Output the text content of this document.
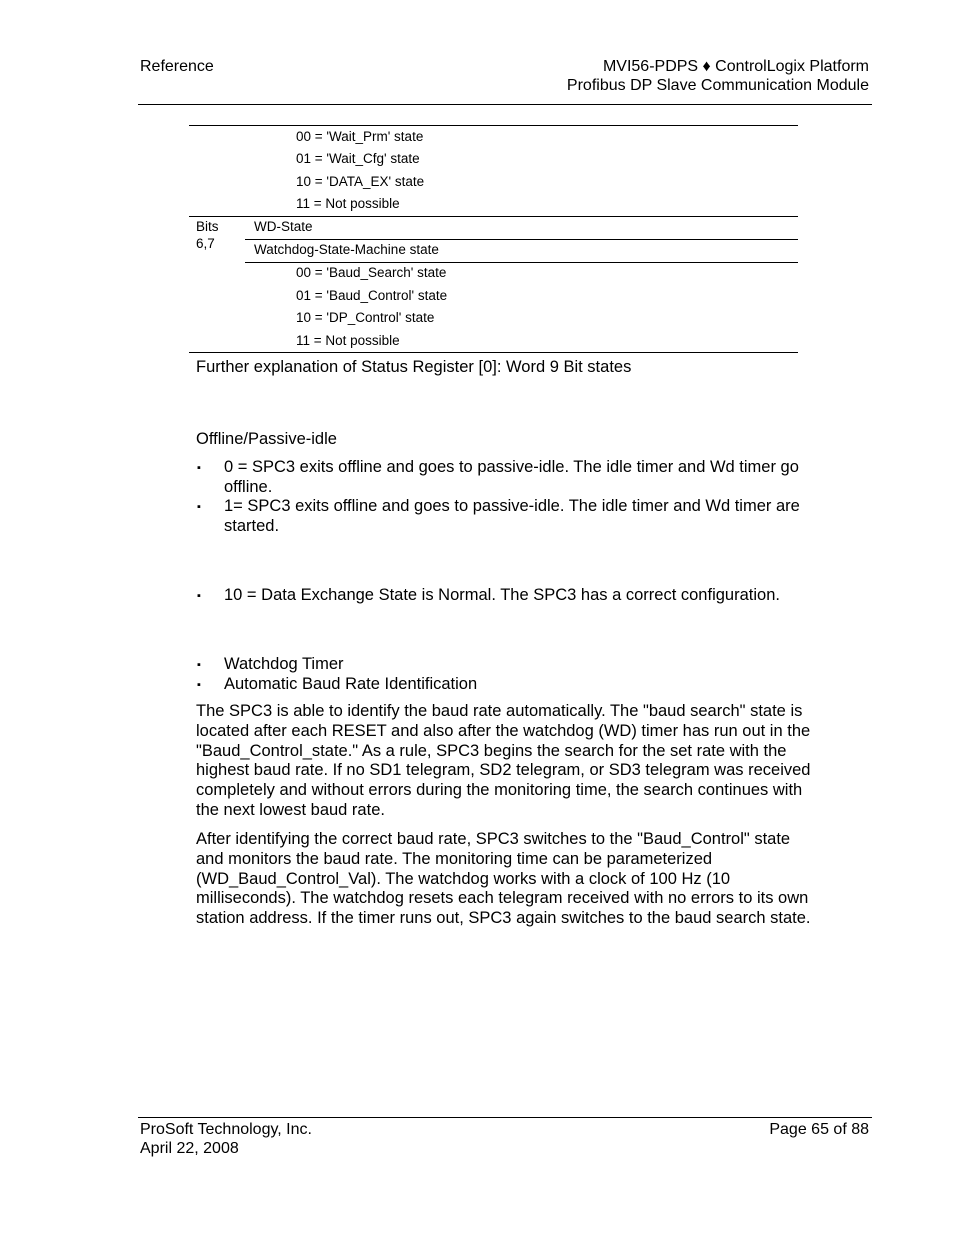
Reference	MVI56-PDPS ♦ ControlLogix Platform
Profibus DP Slave Communication Module
00 = 'Wait_Prm' state
01 = 'Wait_Cfg' state
10 = 'DATA_EX' state
11 = Not possible
Bits
6,7
WD-State
Watchdog-State-Machine state
00 = 'Baud_Search' state
01 = 'Baud_Control' state
10 = 'DP_Control' state
11 = Not possible
Further explanation of Status Register [0]: Word 9 Bit states
Offline/Passive-idle
▪ 0 = SPC3 exits offline and goes to passive-idle. The idle timer and Wd timer go offline.
▪ 1= SPC3 exits offline and goes to passive-idle. The idle timer and Wd timer are started.
▪ 10 = Data Exchange State is Normal. The SPC3 has a correct configuration.
▪ Watchdog Timer
▪ Automatic Baud Rate Identification
The SPC3 is able to identify the baud rate automatically. The "baud search" state is located after each RESET and also after the watchdog (WD) timer has run out in the "Baud_Control_state." As a rule, SPC3 begins the search for the set rate with the highest baud rate. If no SD1 telegram, SD2 telegram, or SD3 telegram was received completely and without errors during the monitoring time, the search continues with the next lowest baud rate.
After identifying the correct baud rate, SPC3 switches to the "Baud_Control" state and monitors the baud rate. The monitoring time can be parameterized (WD_Baud_Control_Val). The watchdog works with a clock of 100 Hz (10 milliseconds). The watchdog resets each telegram received with no errors to its own station address. If the timer runs out, SPC3 again switches to the baud search state.
ProSoft Technology, Inc.
April 22, 2008
Page 65 of 88
